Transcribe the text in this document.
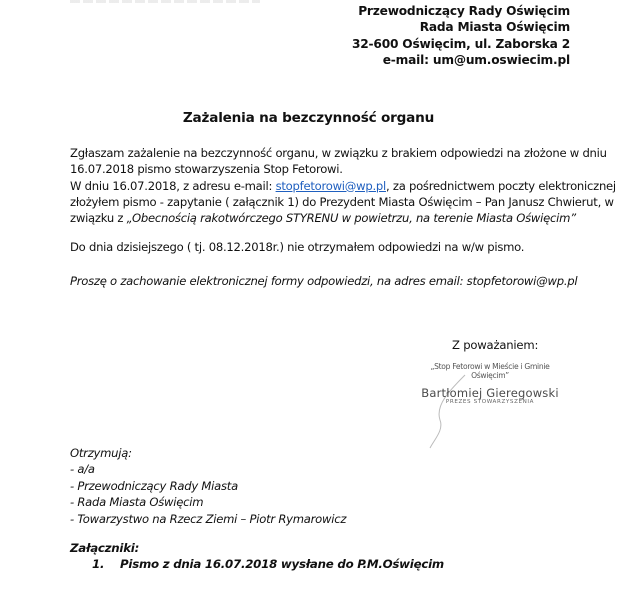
Przewodniczący Rady Oświęcim
Rada Miasta Oświęcim
32-600 Oświęcim, ul. Zaborska 2
e-mail: um@um.oswiecim.pl
Zażalenia na bezczynność organu
Zgłaszam zażalenie na bezczynność organu, w związku z brakiem odpowiedzi na złożone w dniu
16.07.2018 pismo stowarzyszenia Stop Fetorowi.
W dniu 16.07.2018, z adresu e-mail: stopfetorowi@wp.pl, za pośrednictwem poczty elektronicznej
złożyłem pismo - zapytanie ( załącznik 1) do Prezydent Miasta Oświęcim – Pan Janusz Chwierut, w
związku z „Obecnością rakotwórczego STYRENU w powietrzu, na terenie Miasta Oświęcim”
Do dnia dzisiejszego ( tj. 08.12.2018r.) nie otrzymałem odpowiedzi na w/w pismo.
Proszę o zachowanie elektronicznej formy odpowiedzi, na adres email: stopfetorowi@wp.pl
Z poważaniem:
„Stop Fetorowi w Mieście i Gminie
Oświęcim”
Bartłomiej Gieregowski
PREZES STOWARZYSZENIA
Otrzymują:
- a/a
- Przewodniczący Rady Miasta
- Rada Miasta Oświęcim
- Towarzystwo na Rzecz Ziemi – Piotr Rymarowicz
Załączniki:
1. Pismo z dnia 16.07.2018 wysłane do P.M.Oświęcim
